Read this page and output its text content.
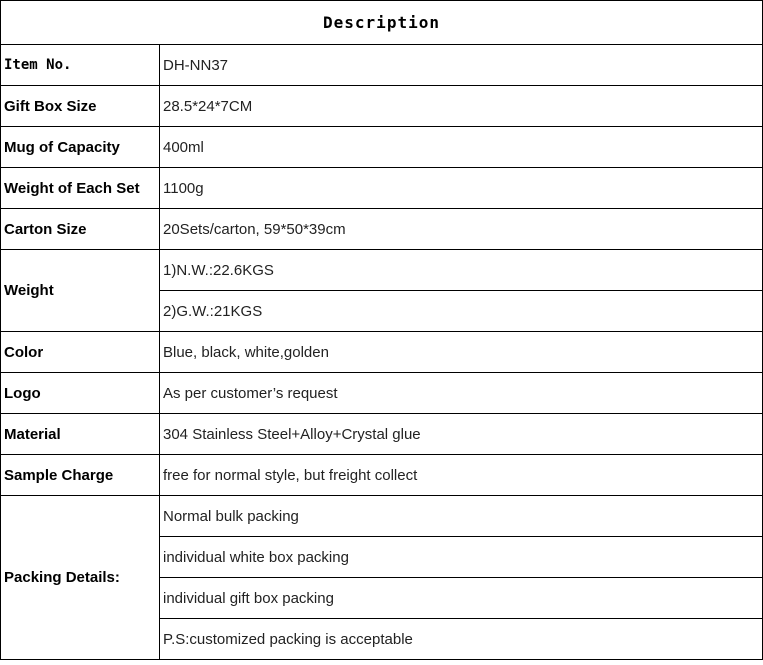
Description	
Item No.	DH-NN37
Gift Box Size	28.5*24*7CM
Mug of Capacity	400ml
Weight of Each Set	1100g
Carton Size	20Sets/carton, 59*50*39cm
Weight	1)N.W.:22.6KGS
	2)G.W.:21KGS
Color	Blue, black, white,golden
Logo	As per customer’s request
Material	304 Stainless Steel+Alloy+Crystal glue
Sample Charge	free for normal style, but freight collect
Packing Details:	Normal bulk packing
	individual white box packing
	individual gift box packing
	P.S:customized packing is acceptable
